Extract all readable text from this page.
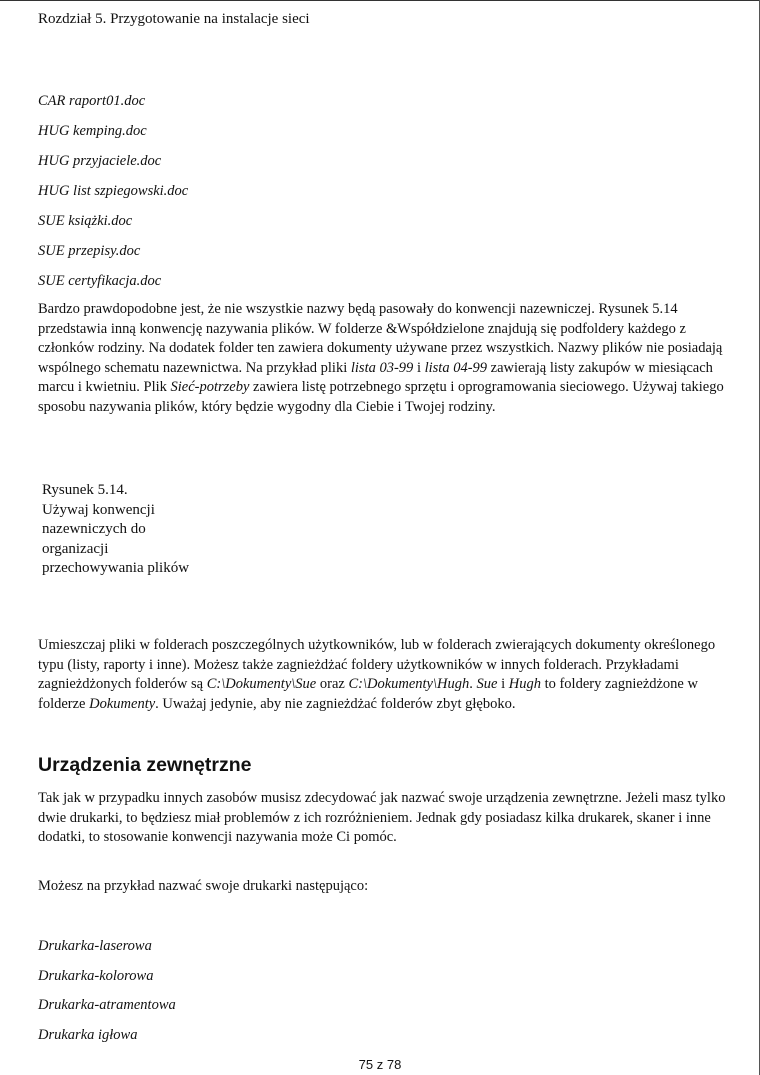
Rozdział 5. Przygotowanie na instalacje sieci
CAR raport01.doc
HUG kemping.doc
HUG przyjaciele.doc
HUG list szpiegowski.doc
SUE książki.doc
SUE przepisy.doc
SUE certyfikacja.doc

Bardzo prawdopodobne jest, że nie wszystkie nazwy będą pasowały do konwencji nazewniczej. Rysunek 5.14 przedstawia inną konwencję nazywania plików. W folderze &Współdzielone znajdują się podfoldery każdego z członków rodziny. Na dodatek folder ten zawiera dokumenty używane przez wszystkich. Nazwy plików nie posiadają wspólnego schematu nazewnictwa. Na przykład pliki lista 03-99 i lista 04-99 zawierają listy zakupów w miesiącach marcu i kwietniu. Plik Sieć-potrzeby zawiera listę potrzebnego sprzętu i oprogramowania sieciowego. Używaj takiego sposobu nazywania plików, który będzie wygodny dla Ciebie i Twojej rodziny.

Rysunek 5.14.
Używaj konwencji nazewniczych do organizacji przechowywania plików

Umieszczaj pliki w folderach poszczególnych użytkowników, lub w folderach zwierających dokumenty określonego typu (listy, raporty i inne). Możesz także zagnieżdżać foldery użytkowników w innych folderach. Przykładami zagnieżdżonych folderów są C:\Dokumenty\Sue oraz C:\Dokumenty\Hugh. Sue i Hugh to foldery zagnieżdżone w folderze Dokumenty. Uważaj jedynie, aby nie zagnieżdżać folderów zbyt głęboko.

Urządzenia zewnętrzne

Tak jak w przypadku innych zasobów musisz zdecydować jak nazwać swoje urządzenia zewnętrzne. Jeżeli masz tylko dwie drukarki, to będziesz miał problemów z ich rozróżnieniem. Jednak gdy posiadasz kilka drukarek, skaner i inne dodatki, to stosowanie konwencji nazywania może Ci pomóc.

Możesz na przykład nazwać swoje drukarki następująco:

Drukarka-laserowa
Drukarka-kolorowa
Drukarka-atramentowa
Drukarka igłowa
75 z 78
